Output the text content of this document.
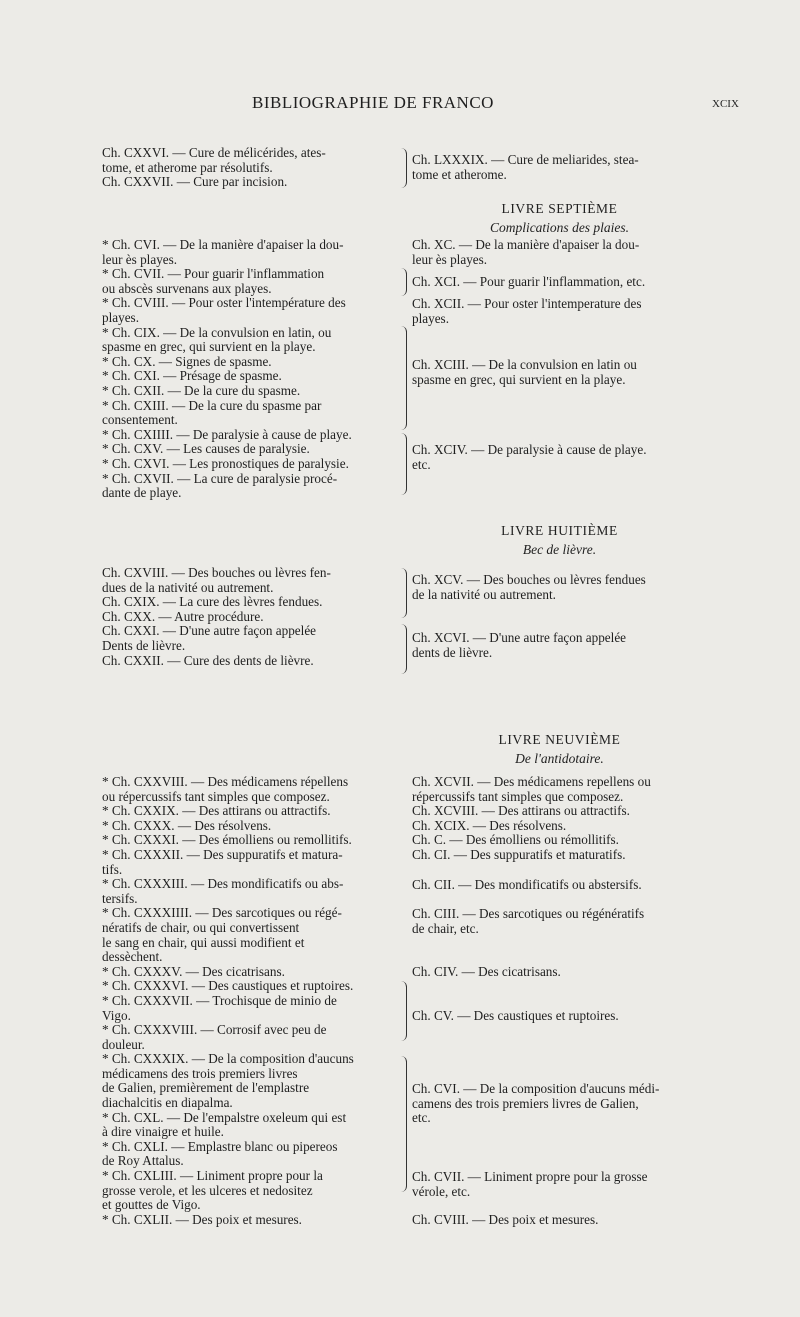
BIBLIOGRAPHIE DE FRANCO	XCIX
Ch. CXXVI. — Cure de mélicérides, ates-
tome, et atherome par résolutifs.
Ch. CXXVII. — Cure par incision.
Ch. LXXXIX. — Cure de meliarides, stea-
tome et atherome.
LIVRE SEPTIÈME
Complications des plaies.
* Ch. CVI. — De la manière d'apaiser la dou-
leur ès playes.
* Ch. CVII. — Pour guarir l'inflammation
ou abscès survenans aux playes.
* Ch. CVIII. — Pour oster l'intempérature des
playes.
* Ch. CIX. — De la convulsion en latin, ou
spasme en grec, qui survient en la playe.
* Ch. CX. — Signes de spasme.
* Ch. CXI. — Présage de spasme.
* Ch. CXII. — De la cure du spasme.
* Ch. CXIII. — De la cure du spasme par
consentement.
* Ch. CXIIII. — De paralysie à cause de playe.
* Ch. CXV. — Les causes de paralysie.
* Ch. CXVI. — Les pronostiques de paralysie.
* Ch. CXVII. — La cure de paralysie procé-
dante de playe.
Ch. XC. — De la manière d'apaiser la dou-
leur ès playes.
Ch. XCI. — Pour guarir l'inflammation, etc.
Ch. XCII. — Pour oster l'intemperature des
playes.
Ch. XCIII. — De la convulsion en latin ou
spasme en grec, qui survient en la playe.
Ch. XCIV. — De paralysie à cause de playe.
etc.
LIVRE HUITIÈME
Bec de lièvre.
Ch. CXVIII. — Des bouches ou lèvres fen-
dues de la nativité ou autrement.
Ch. CXIX. — La cure des lèvres fendues.
Ch. CXX. — Autre procédure.
Ch. CXXI. — D'une autre façon appelée
Dents de lièvre.
Ch. CXXII. — Cure des dents de lièvre.
Ch. XCV. — Des bouches ou lèvres fendues
de la nativité ou autrement.
Ch. XCVI. — D'une autre façon appelée
dents de lièvre.
LIVRE NEUVIÈME
De l'antidotaire.
* Ch. CXXVIII. — Des médicamens répellens
ou répercussifs tant simples que composez.
* Ch. CXXIX. — Des attirans ou attractifs.
* Ch. CXXX. — Des résolvens.
* Ch. CXXXI. — Des émolliens ou remollitifs.
* Ch. CXXXII. — Des suppuratifs et matura-
tifs.
* Ch. CXXXIII. — Des mondificatifs ou abs-
tersifs.
* Ch. CXXXIIII. — Des sarcotiques ou régé-
nératifs de chair, ou qui convertissent
le sang en chair, qui aussi modifient et
dessèchent.
* Ch. CXXXV. — Des cicatrisans.
* Ch. CXXXVI. — Des caustiques et ruptoires.
* Ch. CXXXVII. — Trochisque de minio de
Vigo.
* Ch. CXXXVIII. — Corrosif avec peu de
douleur.
* Ch. CXXXIX. — De la composition d'aucuns
médicamens des trois premiers livres
de Galien, premièrement de l'emplastre
diachalcitis en diapalma.
* Ch. CXL. — De l'empalstre oxeleum qui est
à dire vinaigre et huile.
* Ch. CXLI. — Emplastre blanc ou pipereos
de Roy Attalus.
* Ch. CXLIII. — Liniment propre pour la
grosse verole, et les ulceres et nedositez
et gouttes de Vigo.
* Ch. CXLII. — Des poix et mesures.
Ch. XCVII. — Des médicamens repellens ou
répercussifs tant simples que composez.
Ch. XCVIII. — Des attirans ou attractifs.
Ch. XCIX. — Des résolvens.
Ch. C. — Des émolliens ou rémollitifs.
Ch. CI. — Des suppuratifs et maturatifs.
Ch. CII. — Des mondificatifs ou abstersifs.
Ch. CIII. — Des sarcotiques ou régénératifs
de chair, etc.
Ch. CIV. — Des cicatrisans.
Ch. CV. — Des caustiques et ruptoires.
Ch. CVI. — De la composition d'aucuns médi-
camens des trois premiers livres de Galien,
etc.
Ch. CVII. — Liniment propre pour la grosse
vérole, etc.
Ch. CVIII. — Des poix et mesures.
